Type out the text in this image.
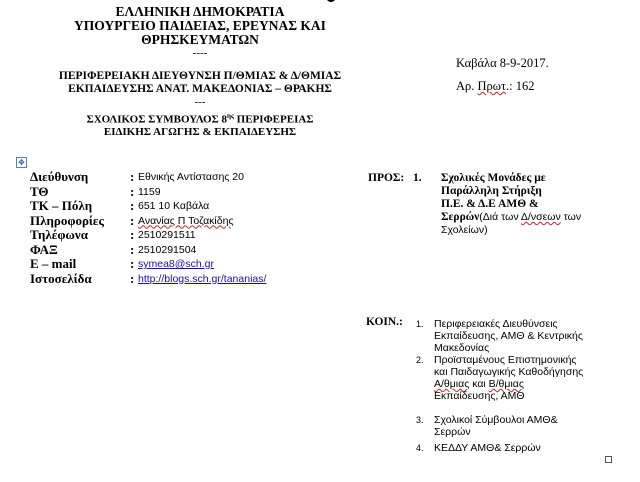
ΕΛΛΗΝΙΚΗ ΔΗΜΟΚΡΑΤΙΑ
ΥΠΟΥΡΓΕΙΟ ΠΑΙΔΕΙΑΣ, ΕΡΕΥΝΑΣ ΚΑΙ
ΘΡΗΣΚΕΥΜΑΤΩΝ
----
ΠΕΡΙΦΕΡΕΙΑΚΗ ΔΙΕΥΘΥΝΣΗ Π/ΘΜΙΑΣ & Δ/ΘΜΙΑΣ
ΕΚΠΑΙΔΕΥΣΗΣ ΑΝΑΤ. ΜΑΚΕΔΟΝΙΑΣ – ΘΡΑΚΗΣ
---
ΣΧΟΛΙΚΟΣ ΣΥΜΒΟΥΛΟΣ $8^{\eta\varsigma}$ ΠΕΡΙΦΕΡΕΙΑΣ
ΕΙΔΙΚΗΣ ΑΓΩΓΗΣ & ΕΚΠΑΙΔΕΥΣΗΣ
Καβάλα 8-9-2017.
Αρ. Πρωτ.: 162
✥
Διεύθυνση	: Εθνικής Αντίστασης 20
ΤΘ	: 1159
ΤΚ – Πόλη	: 651 10 Καβάλα
Πληροφορίες : Ανανίας Π Τοζακίδης
Τηλέφωνα	: 2510291511
ΦΑΞ	: 2510291504
E – mail	: symea8@sch.gr
Ιστοσελίδα	: http://blogs.sch.gr/tananias/
ΠΡΟΣ: 1. Σχολικές Μονάδες με
Παράλληλη Στήριξη
Π.Ε. & Δ.Ε ΑΜΘ &
Σερρών(Διά των Δ/νσεων των
Σχολείων)
ΚΟΙΝ.: 1. Περιφερειακές Διευθύνσεις
Εκπαίδευσης, ΑΜΘ & Κεντρικής
Μακεδονίας
2. Προϊσταμένους Επιστημονικής
και Παιδαγωγικής Καθοδήγησης
Α/θμιας και Β/θμιας
Εκπαίδευσης, ΑΜΘ
3. Σχολικοί Σύμβουλοι ΑΜΘ&
Σερρών
4. ΚΕΔΔΥ ΑΜΘ& Σερρών
